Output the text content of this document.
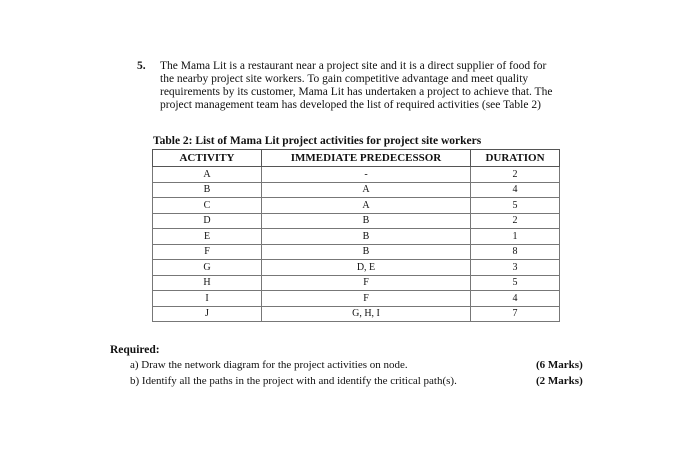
5. The Mama Lit is a restaurant near a project site and it is a direct supplier of food for
the nearby project site workers. To gain competitive advantage and meet quality
requirements by its customer, Mama Lit has undertaken a project to achieve that. The
project management team has developed the list of required activities (see Table 2)
Table 2: List of Mama Lit project activities for project site workers
ACTIVITY	IMMEDIATE PREDECESSOR	DURATION
A	-	2
B	A	4
C	A	5
D	B	2
E	B	1
F	B	8
G	D, E	3
H	F	5
I	F	4
J	G, H, I	7
Required:
a) Draw the network diagram for the project activities on node.	(6 Marks)
b) Identify all the paths in the project with and identify the critical path(s).	(2 Marks)
